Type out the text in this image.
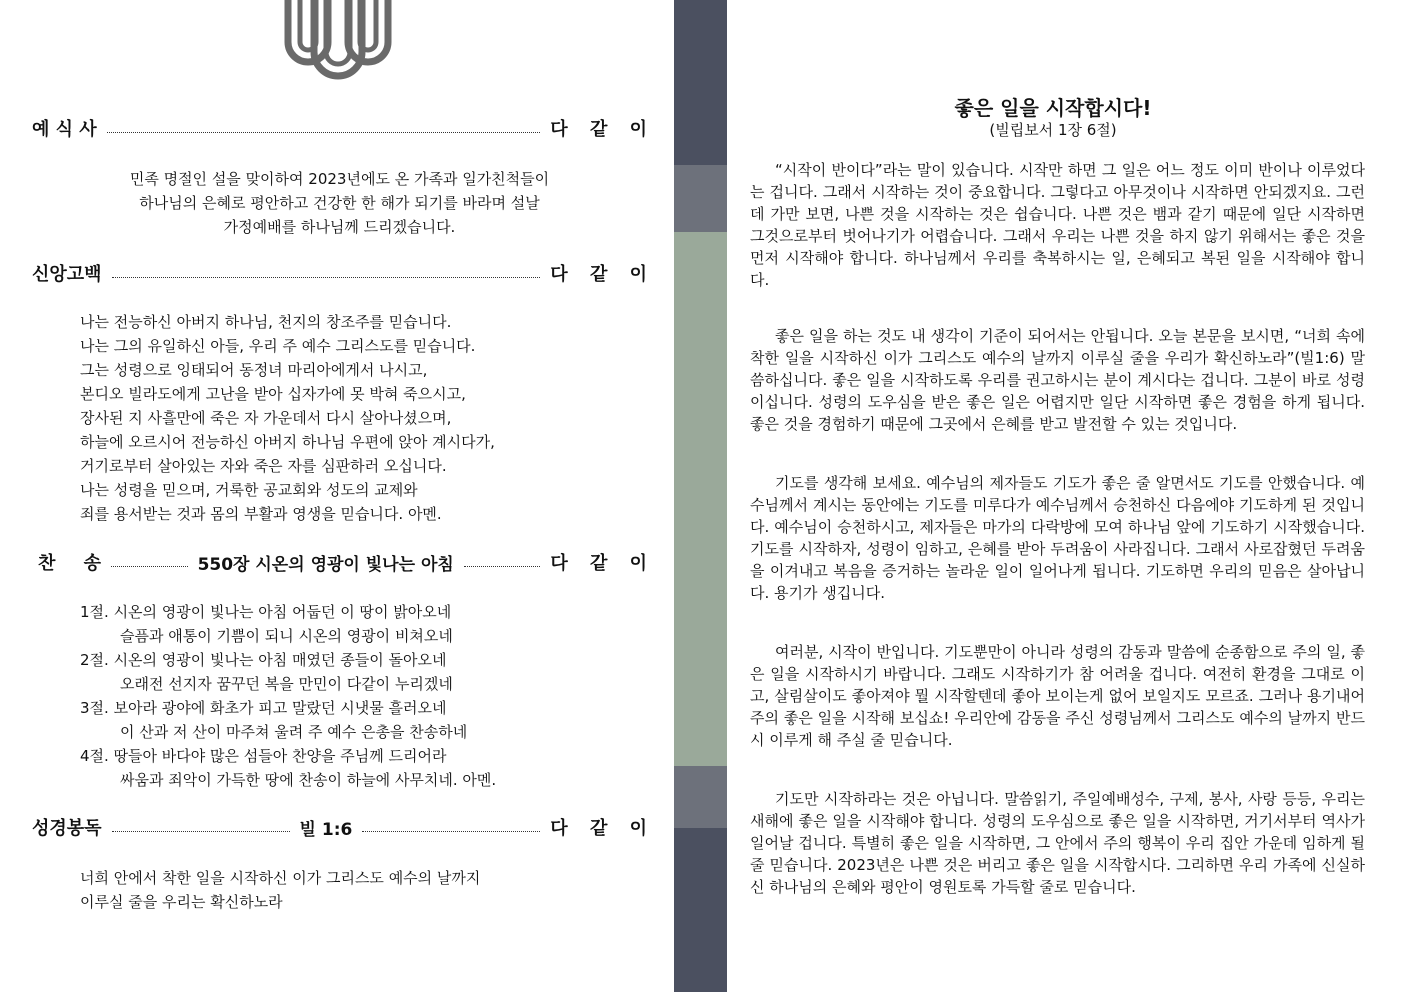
예 식 사	다 같 이
민족 명절인 설을 맞이하여 2023년에도 온 가족과 일가친척들이
하나님의 은혜로 평안하고 건강한 한 해가 되기를 바라며 설날
가정예배를 하나님께 드리겠습니다.
신앙고백	다 같 이
나는 전능하신 아버지 하나님, 천지의 창조주를 믿습니다.
나는 그의 유일하신 아들, 우리 주 예수 그리스도를 믿습니다.
그는 성령으로 잉태되어 동정녀 마리아에게서 나시고,
본디오 빌라도에게 고난을 받아 십자가에 못 박혀 죽으시고,
장사된 지 사흘만에 죽은 자 가운데서 다시 살아나셨으며,
하늘에 오르시어 전능하신 아버지 하나님 우편에 앉아 계시다가,
거기로부터 살아있는 자와 죽은 자를 심판하러 오십니다.
나는 성령을 믿으며, 거룩한 공교회와 성도의 교제와
죄를 용서받는 것과 몸의 부활과 영생을 믿습니다. 아멘.
찬 송	550장 시온의 영광이 빛나는 아침	다 같 이
1절. 시온의 영광이 빛나는 아침 어둡던 이 땅이 밝아오네
슬픔과 애통이 기쁨이 되니 시온의 영광이 비쳐오네
2절. 시온의 영광이 빛나는 아침 매였던 종들이 돌아오네
오래전 선지자 꿈꾸던 복을 만민이 다같이 누리겠네
3절. 보아라 광야에 화초가 피고 말랐던 시냇물 흘러오네
이 산과 저 산이 마주쳐 울려 주 예수 은총을 찬송하네
4절. 땅들아 바다야 많은 섬들아 찬양을 주님께 드리어라
싸움과 죄악이 가득한 땅에 찬송이 하늘에 사무치네. 아멘.
성경봉독	빌 1:6	다 같 이
너희 안에서 착한 일을 시작하신 이가 그리스도 예수의 날까지
이루실 줄을 우리는 확신하노라
좋은 일을 시작합시다!
(빌립보서 1장 6절)

“시작이 반이다”라는 말이 있습니다. 시작만 하면 그 일은 어느 정도 이미 반이나 이루었다는 겁니다. 그래서 시작하는 것이 중요합니다. 그렇다고 아무것이나 시작하면 안되겠지요. 그런데 가만 보면, 나쁜 것을 시작하는 것은 쉽습니다. 나쁜 것은 뱀과 같기 때문에 일단 시작하면 그것으로부터 벗어나기가 어렵습니다. 그래서 우리는 나쁜 것을 하지 않기 위해서는 좋은 것을 먼저 시작해야 합니다. 하나님께서 우리를 축복하시는 일, 은혜되고 복된 일을 시작해야 합니다.

좋은 일을 하는 것도 내 생각이 기준이 되어서는 안됩니다. 오늘 본문을 보시면, “너희 속에 착한 일을 시작하신 이가 그리스도 예수의 날까지 이루실 줄을 우리가 확신하노라”(빌1:6) 말씀하십니다. 좋은 일을 시작하도록 우리를 권고하시는 분이 계시다는 겁니다. 그분이 바로 성령이십니다. 성령의 도우심을 받은 좋은 일은 어렵지만 일단 시작하면 좋은 경험을 하게 됩니다. 좋은 것을 경험하기 때문에 그곳에서 은혜를 받고 발전할 수 있는 것입니다.

기도를 생각해 보세요. 예수님의 제자들도 기도가 좋은 줄 알면서도 기도를 안했습니다. 예수님께서 계시는 동안에는 기도를 미루다가 예수님께서 승천하신 다음에야 기도하게 된 것입니다. 예수님이 승천하시고, 제자들은 마가의 다락방에 모여 하나님 앞에 기도하기 시작했습니다. 기도를 시작하자, 성령이 임하고, 은혜를 받아 두려움이 사라집니다. 그래서 사로잡혔던 두려움을 이겨내고 복음을 증거하는 놀라운 일이 일어나게 됩니다. 기도하면 우리의 믿음은 살아납니다. 용기가 생깁니다.

여러분, 시작이 반입니다. 기도뿐만이 아니라 성령의 감동과 말씀에 순종함으로 주의 일, 좋은 일을 시작하시기 바랍니다. 그래도 시작하기가 참 어려울 겁니다. 여전히 환경을 그대로 이고, 살림살이도 좋아져야 뭘 시작할텐데 좋아 보이는게 없어 보일지도 모르죠. 그러나 용기내어 주의 좋은 일을 시작해 보십쇼! 우리안에 감동을 주신 성령님께서 그리스도 예수의 날까지 반드시 이루게 해 주실 줄 믿습니다.

기도만 시작하라는 것은 아닙니다. 말씀읽기, 주일예배성수, 구제, 봉사, 사랑 등등, 우리는 새해에 좋은 일을 시작해야 합니다. 성령의 도우심으로 좋은 일을 시작하면, 거기서부터 역사가 일어날 겁니다. 특별히 좋은 일을 시작하면, 그 안에서 주의 행복이 우리 집안 가운데 임하게 될 줄 믿습니다. 2023년은 나쁜 것은 버리고 좋은 일을 시작합시다. 그리하면 우리 가족에 신실하신 하나님의 은혜와 평안이 영원토록 가득할 줄로 믿습니다.
